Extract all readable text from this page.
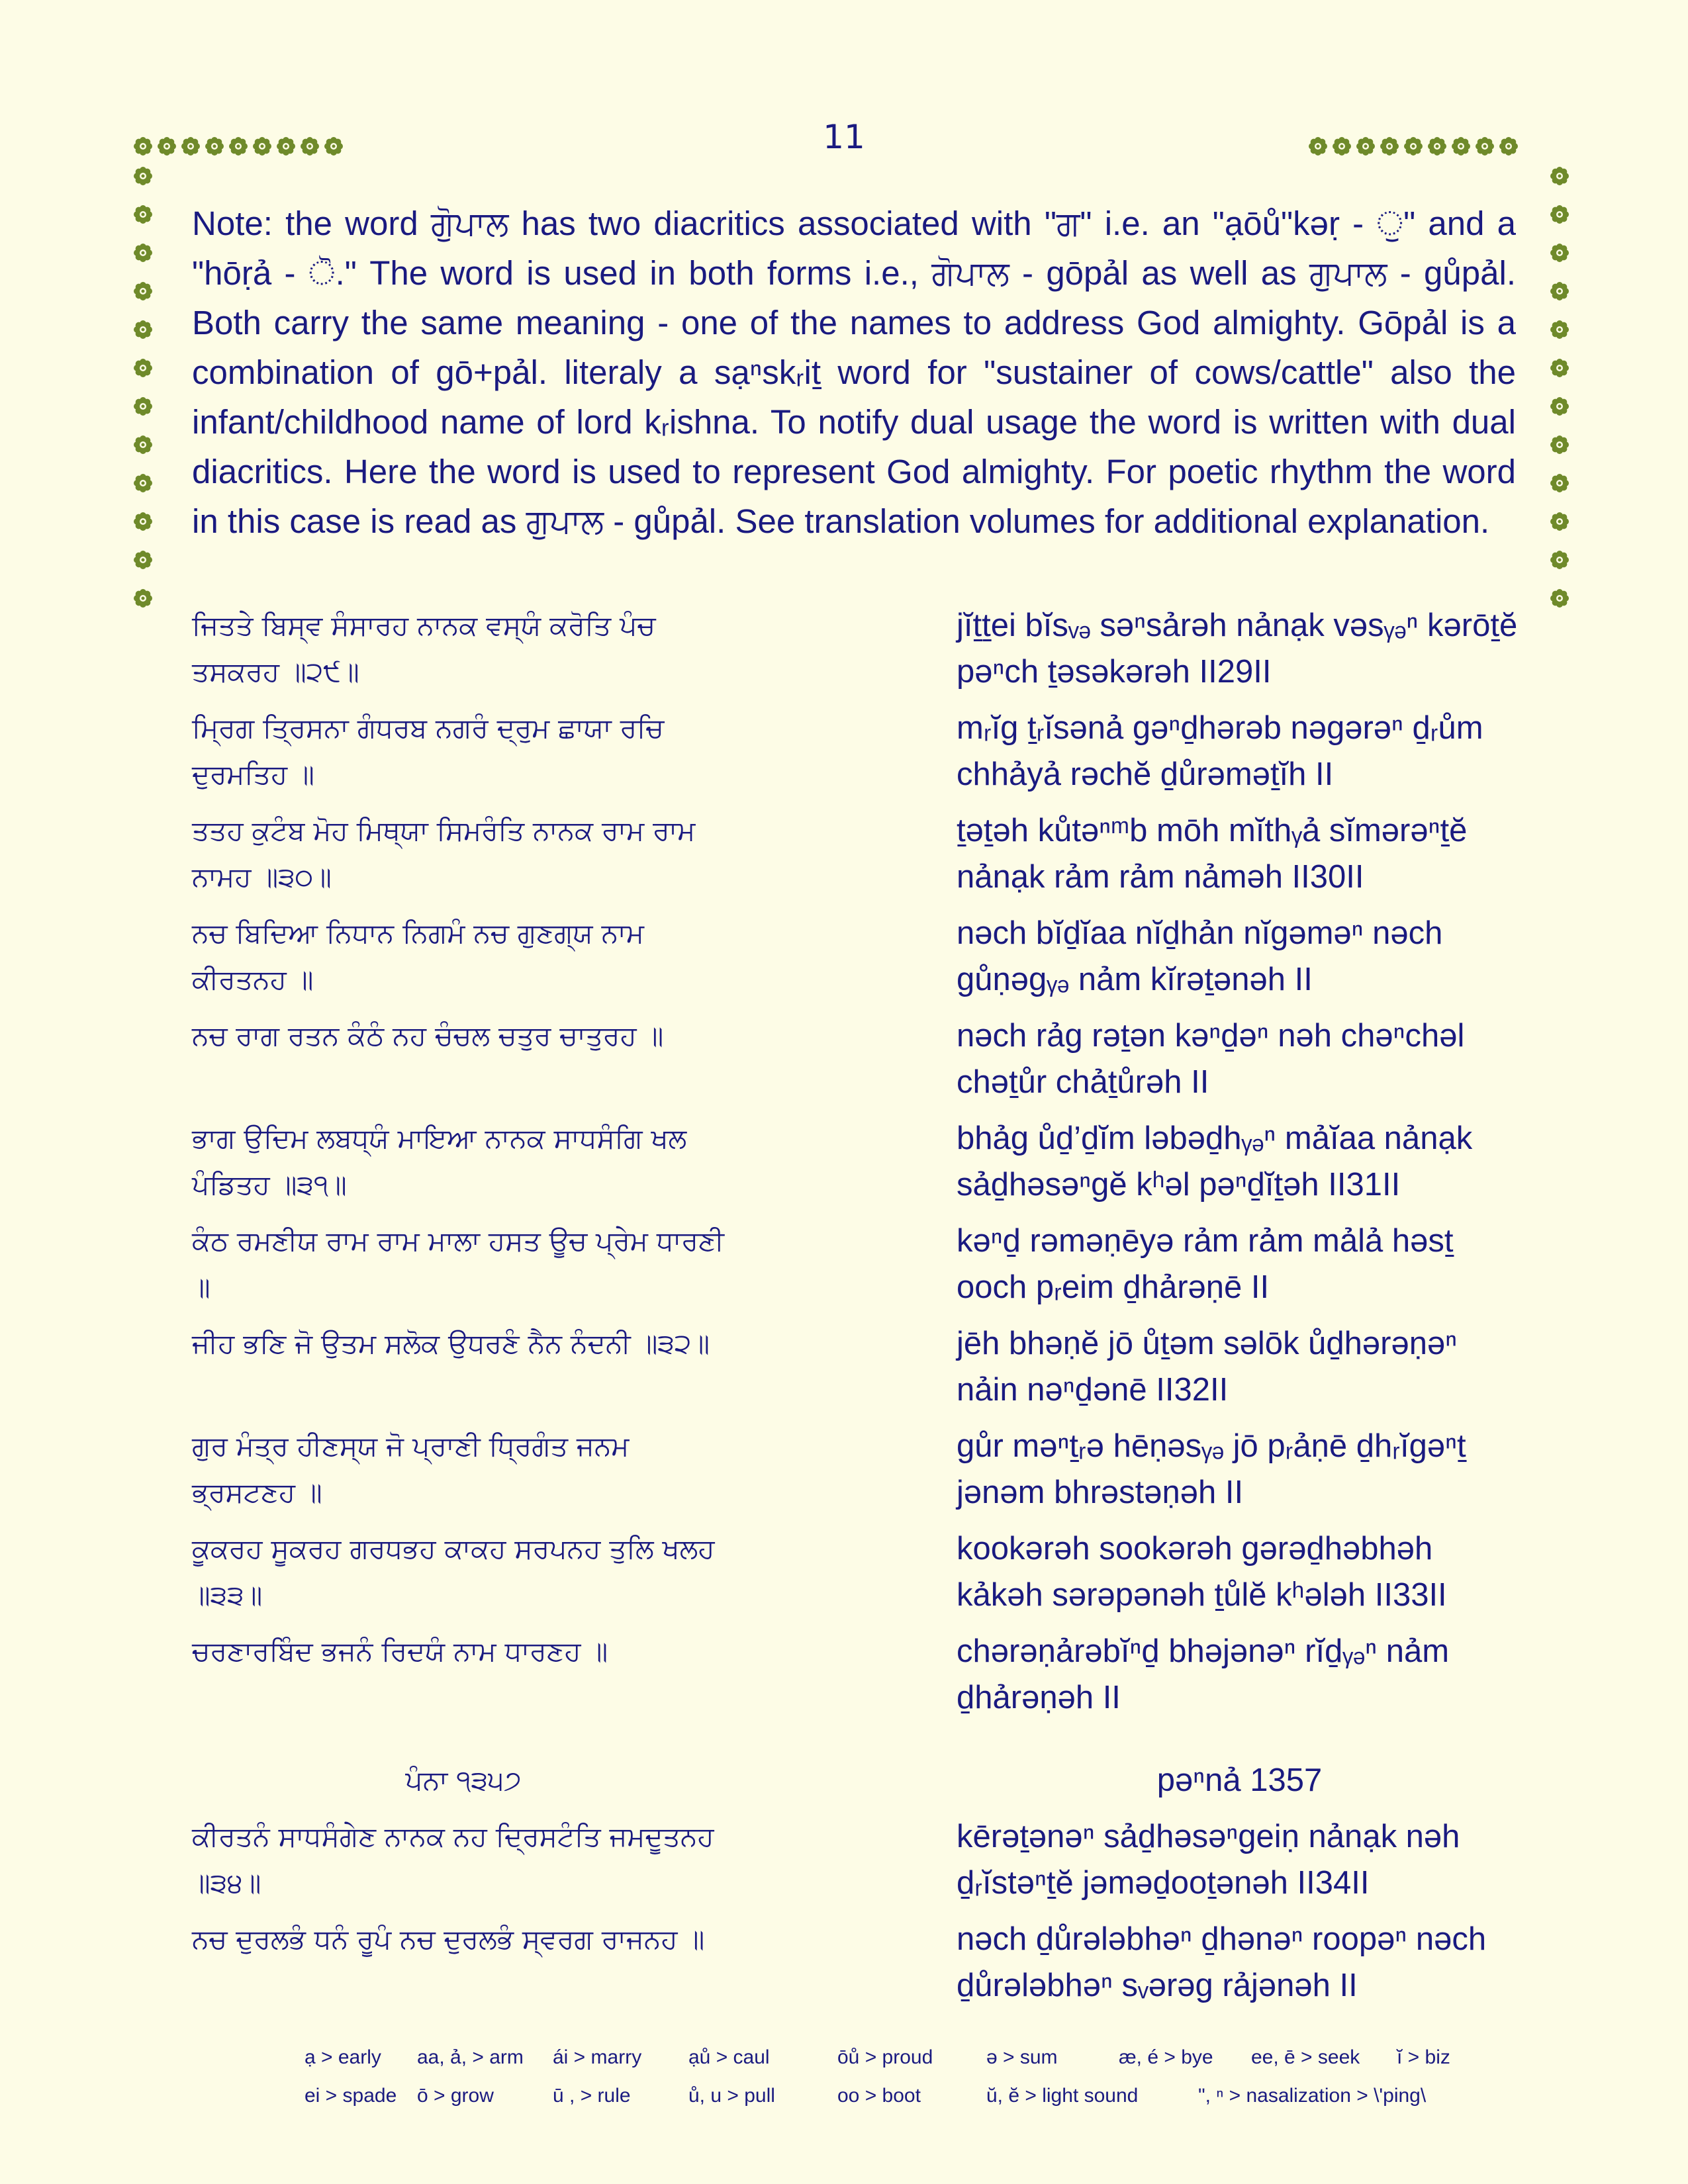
11
Note: the word ਗੋੁਪਾਲ has two diacritics associated with "ਗ" i.e. an "ạōůʺkəṛ - ੁ" and a "hōṛả - ੋ." The word is used in both forms i.e., ਗੋਪਾਲ - gōpảl as well as ਗੁਪਾਲ - gůpảl. Both carry the same meaning - one of the names to address God almighty. Gōpảl is a combination of gō+pảl. literaly a sạⁿskᵣiṯ word for "sustainer of cows/cattle" also the infant/childhood name of lord kᵣishna. To notify dual usage the word is written with dual diacritics. Here the word is used to represent God almighty. For poetic rhythm the word in this case is read as ਗੁਪਾਲ - gůpảl. See translation volumes for additional explanation.
ਜਿਤਤੇ ਬਿਸ੍ਵ ਸੰਸਾਰਹ ਨਾਨਕ ਵਸ੍ਯੰ ਕਰੋਤਿ ਪੰਚ ਤਸਕਰਹ ॥੨੯॥
jĭṯṯei bĭsᵥₔ səⁿsảrəh nảnạk vəsᵧₔⁿ kərōṯĕ pəⁿch ṯəsəkərəh II29II
ਮ੍ਰਿਗ ਤ੍ਰਿਸਨਾ ਗੰਧਰਬ ਨਗਰੰ ਦ੍ਰੁਮ ਛਾਯਾ ਰਚਿ ਦੁਰਮਤਿਹ ॥
mᵣĭg ṯᵣĭsənả gəⁿḏhərəb nəgərəⁿ ḏᵣům chhảyả rəchĕ ḏůrəməṯĭh II
ਤਤਹ ਕੁਟੰਬ ਮੋਹ ਮਿਥ੍ਯਾ ਸਿਮਰੰਤਿ ਨਾਨਕ ਰਾਮ ਰਾਮ ਨਾਮਹ ॥੩੦॥
ṯəṯəh kůtəⁿᵐb mōh mĭthᵧả sĭmərəⁿṯĕ nảnạk rảm rảm nảməh II30II
ਨਚ ਬਿਦਿਆ ਨਿਧਾਨ ਨਿਗਮੰ ਨਚ ਗੁਣਗ੍ਯ ਨਾਮ ਕੀਰਤਨਹ ॥
nəch bĭḏĭaa nĭḏhản nĭgəməⁿ nəch gůṇəgᵧₔ nảm kĭrəṯənəh II
ਨਚ ਰਾਗ ਰਤਨ ਕੰਠੰ ਨਹ ਚੰਚਲ ਚਤੁਰ ਚਾਤੁਰਹ ॥	nəch rảg rəṯən kəⁿḏəⁿ nəh chəⁿchəl chəṯůr chảṯůrəh II
ਭਾਗ ਉਦਿਮ ਲਬਧ੍ਯੰ ਮਾਇਆ ਨਾਨਕ ਸਾਧਸੰਗਿ ਖਲ ਪੰਡਿਤਹ ॥੩੧॥
bhảg ůḏ’ḏĭm ləbəḏhᵧₔⁿ mảĭaa nảnạk sảḏhəsəⁿgĕ kʰəl pəⁿḏĭṯəh II31II
ਕੰਠ ਰਮਣੀਯ ਰਾਮ ਰਾਮ ਮਾਲਾ ਹਸਤ ਊਚ ਪ੍ਰੇਮ ਧਾਰਣੀ ॥
kəⁿḏ rəməṇēyə rảm rảm mảlả həsṯ ooch pᵣeim ḏhảrəṇē II
ਜੀਹ ਭਣਿ ਜੋ ਉਤਮ ਸਲੋਕ ਉਧਰਣੰ ਨੈਨ ਨੰਦਨੀ ॥੩੨॥	jēh bhəṇĕ jō ůṯəm səlōk ůḏhərəṇəⁿ nảin nəⁿḏənē II32II
ਗੁਰ ਮੰਤ੍ਰ ਹੀਣਸ੍ਯ ਜੋ ਪ੍ਰਾਣੀ ਧ੍ਰਿਗੰਤ ਜਨਮ ਭ੍ਰਸਟਣਹ ॥
gůr məⁿṯᵣə hēṇəsᵧₔ jō pᵣảṇē ḏhᵣĭgəⁿṯ jənəm bhrəstəṇəh II
ਕੂਕਰਹ ਸੂਕਰਹ ਗਰਧਭਹ ਕਾਕਹ ਸਰਪਨਹ ਤੁਲਿ ਖਲਹ ॥੩੩॥
kookərəh sookərəh gərəḏhəbhəh kảkəh sərəpənəh ṯůlĕ kʰələh II33II
ਚਰਣਾਰਬਿੰਦ ਭਜਨੰ ਰਿਦਯੰ ਨਾਮ ਧਾਰਣਹ ॥	chərəṇảrəbĭⁿḏ bhəjənəⁿ rĭḏᵧₔⁿ nảm ḏhảrəṇəh II
ਪੰਨਾ ੧੩੫੭	pəⁿnả 1357
ਕੀਰਤਨੰ ਸਾਧਸੰਗੇਣ ਨਾਨਕ ਨਹ ਦ੍ਰਿਸਟੰਤਿ ਜਮਦੂਤਨਹ ॥੩੪॥
kērəṯənəⁿ sảḏhəsəⁿgeiṇ nảnạk nəh ḏᵣĭstəⁿṯĕ jəməḏooṯənəh II34II
ਨਚ ਦੁਰਲਭੰ ਧਨੰ ਰੂਪੰ ਨਚ ਦੁਰਲਭੰ ਸ੍ਵਰਗ ਰਾਜਨਹ ॥	nəch ḏůrələbhəⁿ ḏhənəⁿ roopəⁿ nəch ḏůrələbhəⁿ sᵥərəg rảjənəh II
ạ > early	aa, ả, > arm	ái > marry	ạů > caul	ōů > proud	ə > sum	æ, é > bye	ee, ē > seek	ĭ > biz
ei > spade	ō > grow	ū , > rule	ů, u > pull	oo > boot	ŭ, ĕ > light sound	ʺ, ⁿ > nasalization > \'ping\
